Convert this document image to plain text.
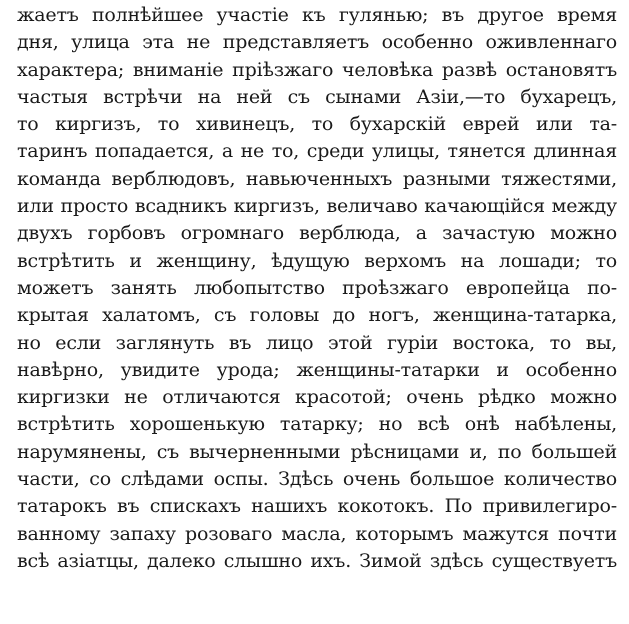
жаетъ полнѣйшее участіе къ гулянью; въ другое время
дня, улица эта не представляетъ особенно оживленнаго
характера; вниманіе пріѣзжаго человѣка развѣ остановятъ
частыя встрѣчи на ней съ сынами Азіи,—то бухарецъ,
то киргизъ, то хивинецъ, то бухарскій еврей или та-
таринъ попадается, а не то, среди улицы, тянется длинная
команда верблюдовъ, навьюченныхъ разными тяжестями,
или просто всадникъ киргизъ, величаво качающійся между
двухъ горбовъ огромнаго верблюда, а зачастую можно
встрѣтить и женщину, ѣдущую верхомъ на лошади; то
можетъ занять любопытство проѣзжаго европейца по-
крытая халатомъ, съ головы до ногъ, женщина-татарка,
но если заглянуть въ лицо этой гуріи востока, то вы,
навѣрно, увидите урода; женщины-татарки и особенно
киргизки не отличаются красотой; очень рѣдко можно
встрѣтить хорошенькую татарку; но всѣ онѣ набѣлены,
нарумянены, съ вычерненными рѣсницами и, по большей
части, со слѣдами оспы. Здѣсь очень большое количество
татарокъ въ спискахъ нашихъ кокотокъ. По привилегиро-
ванному запаху розоваго масла, которымъ мажутся почти
всѣ азіатцы, далеко слышно ихъ. Зимой здѣсь существуетъ
